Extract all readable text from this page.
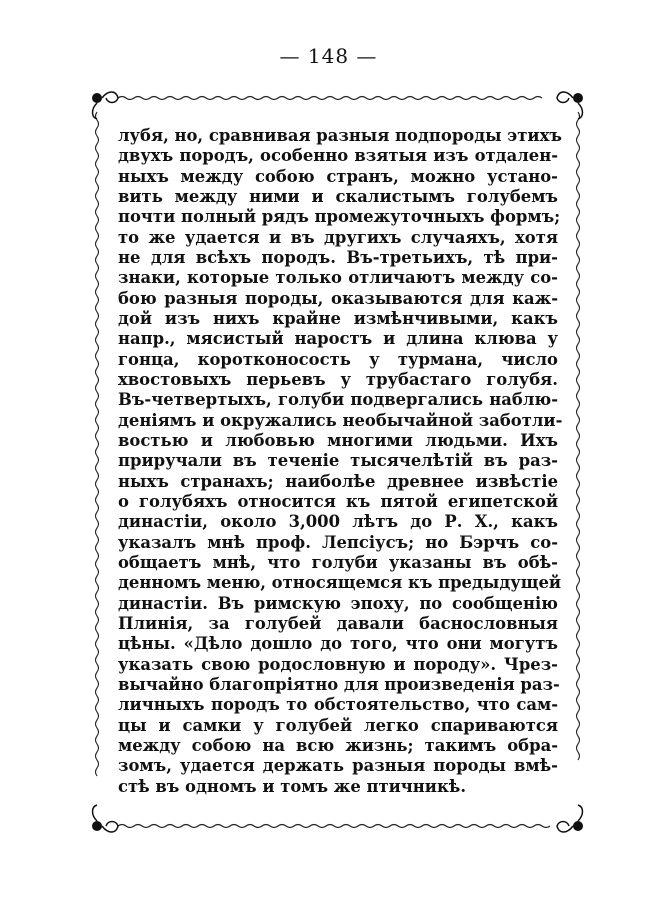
— 148 —
лубя, но, сравнивая разныя подпороды этихъ
двухъ породъ, особенно взятыя изъ отдален-
ныхъ между собою странъ, можно устано-
вить между ними и скалистымъ голубемъ
почти полный рядъ промежуточныхъ формъ;
то же удается и въ другихъ случаяхъ, хотя
не для всѣхъ породъ. Въ-третьихъ, тѣ при-
знаки, которые только отличаютъ между со-
бою разныя породы, оказываются для каж-
дой изъ нихъ крайне измѣнчивыми, какъ
напр., мясистый наростъ и длина клюва у
гонца, коротконосость у турмана, число
хвостовыхъ перьевъ у трубастаго голубя.
Въ-четвертыхъ, голуби подвергались наблю-
деніямъ и окружались необычайной заботли-
востью и любовью многими людьми. Ихъ
приручали въ теченіе тысячелѣтій въ раз-
ныхъ странахъ; наиболѣе древнее извѣстіе
о голубяхъ относится къ пятой египетской
династіи, около 3,000 лѣтъ до Р. Х., какъ
указалъ мнѣ проф. Лепсіусъ; но Бэрчъ со-
общаетъ мнѣ, что голуби указаны въ обѣ-
денномъ меню, относящемся къ предыдущей
династіи. Въ римскую эпоху, по сообщенію
Плинія, за голубей давали баснословныя
цѣны. «Дѣло дошло до того, что они могутъ
указать свою родословную и породу». Чрез-
вычайно благопріятно для произведенія раз-
личныхъ породъ то обстоятельство, что сам-
цы и самки у голубей легко спариваются
между собою на всю жизнь; такимъ обра-
зомъ, удается держать разныя породы вмѣ-
стѣ въ одномъ и томъ же птичникѣ.
